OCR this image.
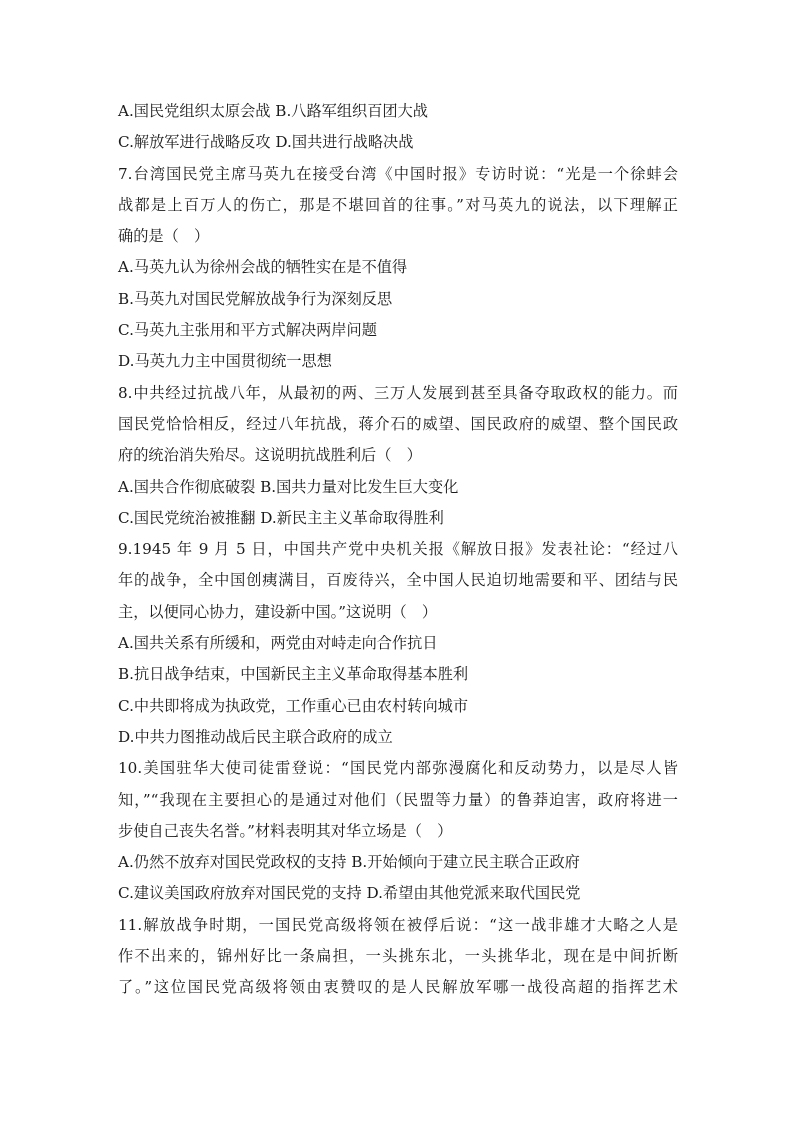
A.国民党组织太原会战 B.八路军组织百团大战
C.解放军进行战略反攻 D.国共进行战略决战
7.台湾国民党主席马英九在接受台湾《中国时报》专访时说：“光是一个徐蚌会
战都是上百万人的伤亡，那是不堪回首的往事。”对马英九的说法，以下理解正
确的是（　）
A.马英九认为徐州会战的牺牲实在是不值得
B.马英九对国民党解放战争行为深刻反思
C.马英九主张用和平方式解决两岸问题
D.马英九力主中国贯彻统一思想
8.中共经过抗战八年，从最初的两、三万人发展到甚至具备夺取政权的能力。而
国民党恰恰相反，经过八年抗战，蒋介石的威望、国民政府的威望、整个国民政
府的统治消失殆尽。这说明抗战胜利后（　）
A.国共合作彻底破裂 B.国共力量对比发生巨大变化
C.国民党统治被推翻 D.新民主主义革命取得胜利
9.1945 年 9 月 5 日，中国共产党中央机关报《解放日报》发表社论：“经过八
年的战争，全中国创痍满目，百废待兴，全中国人民迫切地需要和平、团结与民
主，以便同心协力，建设新中国。”这说明（　）
A.国共关系有所缓和，两党由对峙走向合作抗日
B.抗日战争结束，中国新民主主义革命取得基本胜利
C.中共即将成为执政党，工作重心已由农村转向城市
D.中共力图推动战后民主联合政府的成立
10.美国驻华大使司徒雷登说：“国民党内部弥漫腐化和反动势力，以是尽人皆
知，”“我现在主要担心的是通过对他们（民盟等力量）的鲁莽迫害，政府将进一
步使自己丧失名誉。”材料表明其对华立场是（　）
A.仍然不放弃对国民党政权的支持 B.开始倾向于建立民主联合正政府
C.建议美国政府放弃对国民党的支持 D.希望由其他党派来取代国民党
11.解放战争时期，一国民党高级将领在被俘后说：“这一战非雄才大略之人是
作不出来的，锦州好比一条扁担，一头挑东北，一头挑华北，现在是中间折断
了。”这位国民党高级将领由衷赞叹的是人民解放军哪一战役高超的指挥艺术
